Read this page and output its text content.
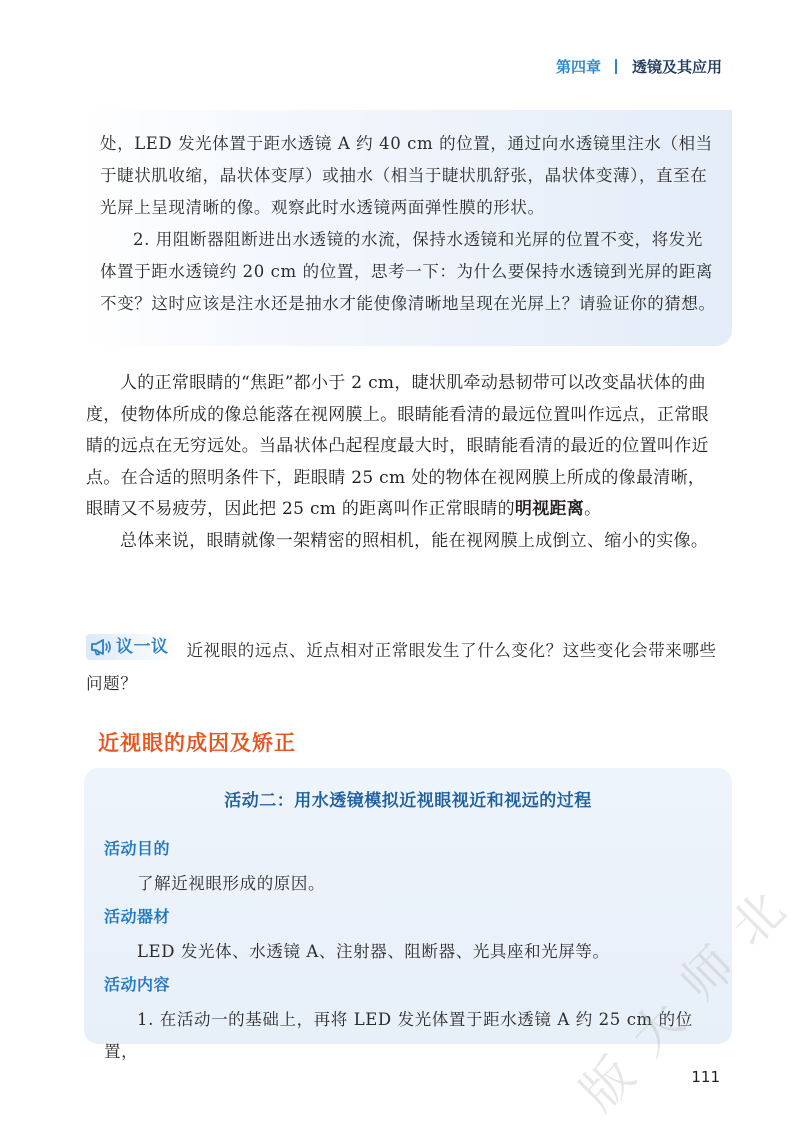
第四章 透镜及其应用

处，LED 发光体置于距水透镜 A 约 40 cm 的位置，通过向水透镜里注水（相当于睫状肌收缩，晶状体变厚）或抽水（相当于睫状肌舒张，晶状体变薄），直至在光屏上呈现清晰的像。观察此时水透镜两面弹性膜的形状。

2. 用阻断器阻断进出水透镜的水流，保持水透镜和光屏的位置不变，将发光体置于距水透镜约 20 cm 的位置，思考一下：为什么要保持水透镜到光屏的距离不变？这时应该是注水还是抽水才能使像清晰地呈现在光屏上？请验证你的猜想。

人的正常眼睛的“焦距”都小于 2 cm，睫状肌牵动悬韧带可以改变晶状体的曲度，使物体所成的像总能落在视网膜上。眼睛能看清的最远位置叫作远点，正常眼睛的远点在无穷远处。当晶状体凸起程度最大时，眼睛能看清的最近的位置叫作近点。在合适的照明条件下，距眼睛 25 cm 处的物体在视网膜上所成的像最清晰，眼睛又不易疲劳，因此把 25 cm 的距离叫作正常眼睛的明视距离。

总体来说，眼睛就像一架精密的照相机，能在视网膜上成倒立、缩小的实像。

议一议 近视眼的远点、近点相对正常眼发生了什么变化？这些变化会带来哪些问题？
近视眼的成因及矫正
活动二：用水透镜模拟近视眼视近和视远的过程
活动目的
了解近视眼形成的原因。
活动器材
LED 发光体、水透镜 A、注射器、阻断器、光具座和光屏等。
活动内容
1. 在活动一的基础上，再将 LED 发光体置于距水透镜 A 约 25 cm 的位置，
111
北
师
大
版
